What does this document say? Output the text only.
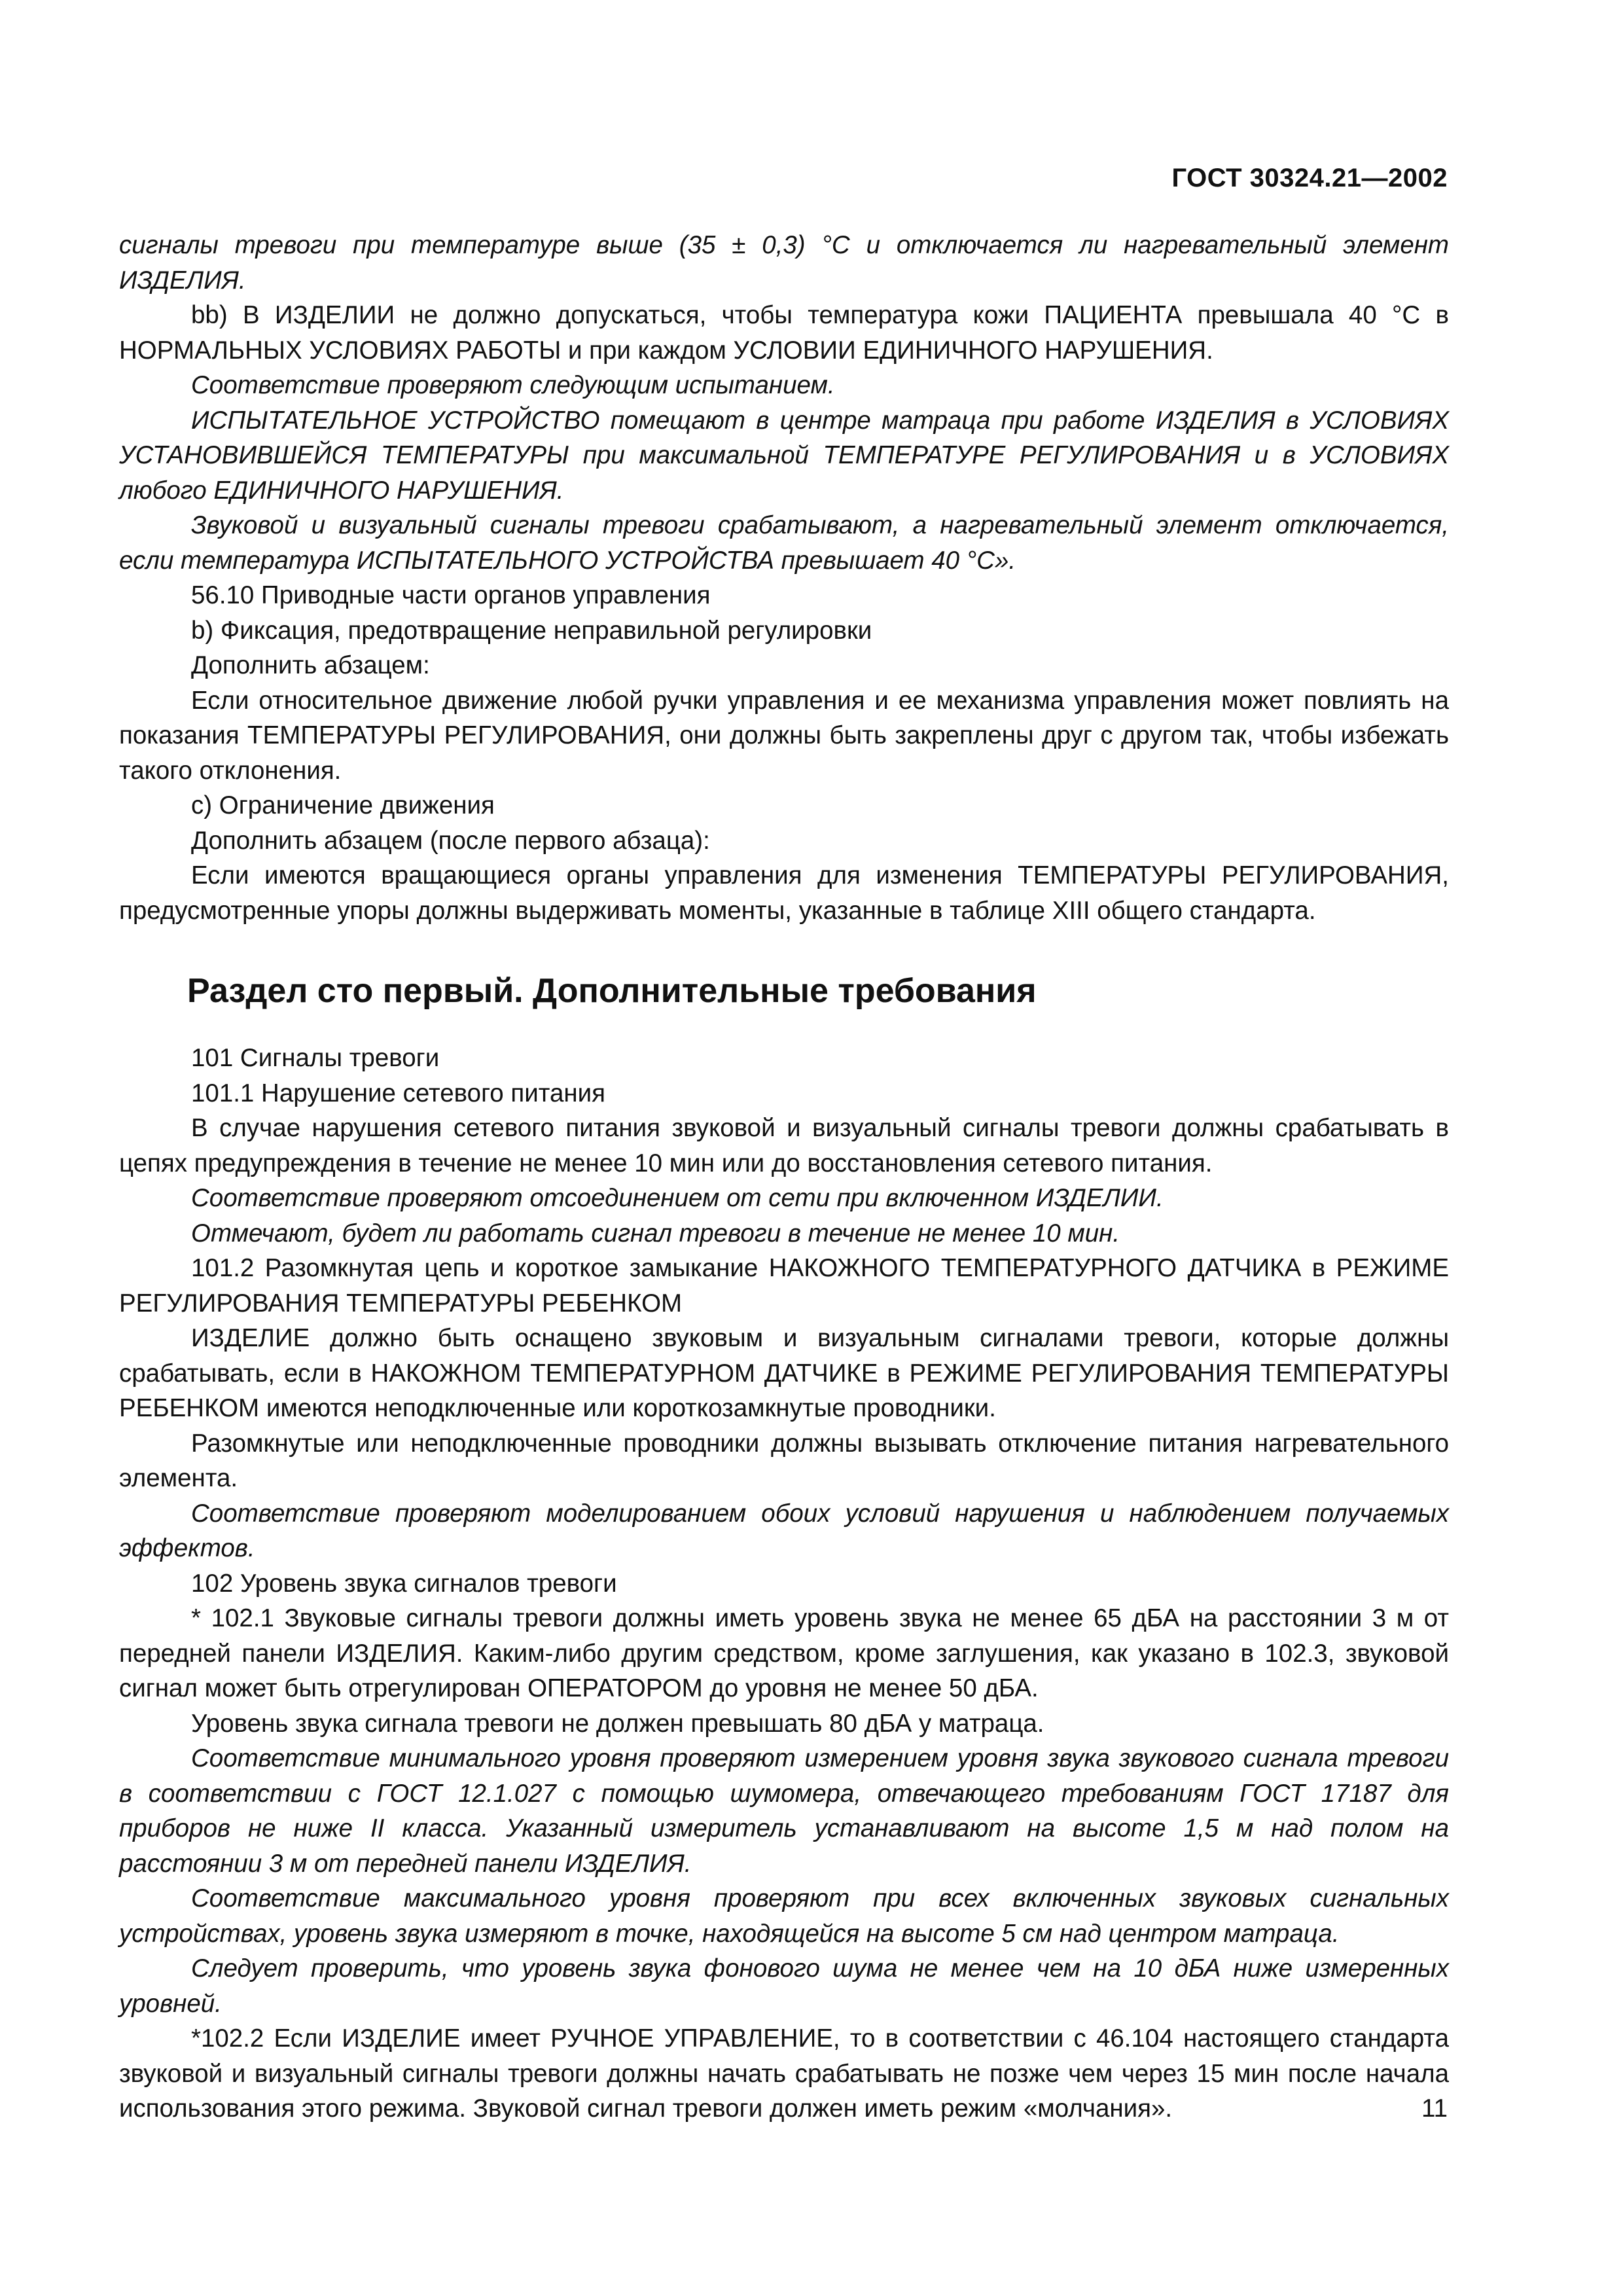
ГОСТ 30324.21—2002

сигналы тревоги при температуре выше (35 ± 0,3) °С и отключается ли нагревательный элемент ИЗДЕЛИЯ.

bb) В ИЗДЕЛИИ не должно допускаться, чтобы температура кожи ПАЦИЕНТА превышала 40 °С в НОРМАЛЬНЫХ УСЛОВИЯХ РАБОТЫ и при каждом УСЛОВИИ ЕДИНИЧНОГО НАРУШЕНИЯ.

Соответствие проверяют следующим испытанием.

ИСПЫТАТЕЛЬНОЕ УСТРОЙСТВО помещают в центре матраца при работе ИЗДЕЛИЯ в УСЛОВИЯХ УСТАНОВИВШЕЙСЯ ТЕМПЕРАТУРЫ при максимальной ТЕМПЕРАТУРЕ РЕГУЛИРОВАНИЯ и в УСЛОВИЯХ любого ЕДИНИЧНОГО НАРУШЕНИЯ.

Звуковой и визуальный сигналы тревоги срабатывают, а нагревательный элемент отключается, если температура ИСПЫТАТЕЛЬНОГО УСТРОЙСТВА превышает 40 °С».

56.10 Приводные части органов управления

b) Фиксация, предотвращение неправильной регулировки

Дополнить абзацем:

Если относительное движение любой ручки управления и ее механизма управления может повлиять на показания ТЕМПЕРАТУРЫ РЕГУЛИРОВАНИЯ, они должны быть закреплены друг с другом так, чтобы избежать такого отклонения.

с) Ограничение движения

Дополнить абзацем (после первого абзаца):

Если имеются вращающиеся органы управления для изменения ТЕМПЕРАТУРЫ РЕГУЛИРОВАНИЯ, предусмотренные упоры должны выдерживать моменты, указанные в таблице XIII общего стандарта.

Раздел сто первый. Дополнительные требования

101 Сигналы тревоги

101.1 Нарушение сетевого питания

В случае нарушения сетевого питания звуковой и визуальный сигналы тревоги должны срабатывать в цепях предупреждения в течение не менее 10 мин или до восстановления сетевого питания.

Соответствие проверяют отсоединением от сети при включенном ИЗДЕЛИИ.

Отмечают, будет ли работать сигнал тревоги в течение не менее 10 мин.

101.2 Разомкнутая цепь и короткое замыкание НАКОЖНОГО ТЕМПЕРАТУРНОГО ДАТЧИКА в РЕЖИМЕ РЕГУЛИРОВАНИЯ ТЕМПЕРАТУРЫ РЕБЕНКОМ

ИЗДЕЛИЕ должно быть оснащено звуковым и визуальным сигналами тревоги, которые должны срабатывать, если в НАКОЖНОМ ТЕМПЕРАТУРНОМ ДАТЧИКЕ в РЕЖИМЕ РЕГУЛИРОВАНИЯ ТЕМПЕРАТУРЫ РЕБЕНКОМ имеются неподключенные или короткозамкнутые проводники.

Разомкнутые или неподключенные проводники должны вызывать отключение питания нагревательного элемента.

Соответствие проверяют моделированием обоих условий нарушения и наблюдением получаемых эффектов.

102 Уровень звука сигналов тревоги

* 102.1 Звуковые сигналы тревоги должны иметь уровень звука не менее 65 дБА на расстоянии 3 м от передней панели ИЗДЕЛИЯ. Каким-либо другим средством, кроме заглушения, как указано в 102.3, звуковой сигнал может быть отрегулирован ОПЕРАТОРОМ до уровня не менее 50 дБА.

Уровень звука сигнала тревоги не должен превышать 80 дБА у матраца.

Соответствие минимального уровня проверяют измерением уровня звука звукового сигнала тревоги в соответствии с ГОСТ 12.1.027 с помощью шумомера, отвечающего требованиям ГОСТ 17187 для приборов не ниже II класса. Указанный измеритель устанавливают на высоте 1,5 м над полом на расстоянии 3 м от передней панели ИЗДЕЛИЯ.

Соответствие максимального уровня проверяют при всех включенных звуковых сигнальных устройствах, уровень звука измеряют в точке, находящейся на высоте 5 см над центром матраца.

Следует проверить, что уровень звука фонового шума не менее чем на 10 дБА ниже измеренных уровней.

*102.2 Если ИЗДЕЛИЕ имеет РУЧНОЕ УПРАВЛЕНИЕ, то в соответствии с 46.104 настоящего стандарта звуковой и визуальный сигналы тревоги должны начать срабатывать не позже чем через 15 мин после начала использования этого режима. Звуковой сигнал тревоги должен иметь режим «молчания».	11
